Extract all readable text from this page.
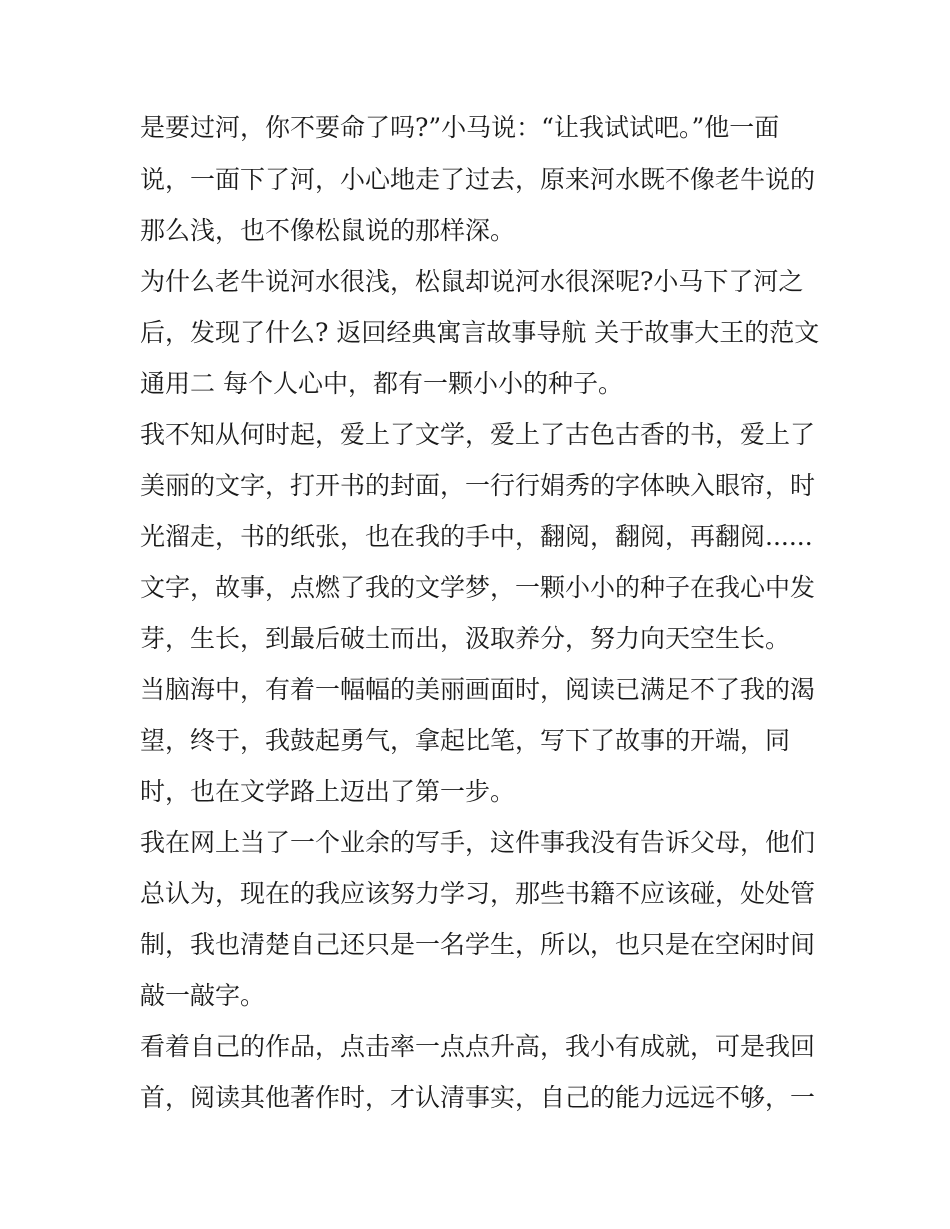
是要过河，你不要命了吗?”小马说：“让我试试吧。”他一面
说，一面下了河，小心地走了过去，原来河水既不像老牛说的
那么浅，也不像松鼠说的那样深。
为什么老牛说河水很浅，松鼠却说河水很深呢?小马下了河之
后，发现了什么? 返回经典寓言故事导航 关于故事大王的范文
通用二 每个人心中，都有一颗小小的种子。
我不知从何时起，爱上了文学，爱上了古色古香的书，爱上了
美丽的文字，打开书的封面，一行行娟秀的字体映入眼帘，时
光溜走，书的纸张，也在我的手中，翻阅，翻阅，再翻阅......
文字，故事，点燃了我的文学梦，一颗小小的种子在我心中发
芽，生长，到最后破土而出，汲取养分，努力向天空生长。
当脑海中，有着一幅幅的美丽画面时，阅读已满足不了我的渴
望，终于，我鼓起勇气，拿起比笔，写下了故事的开端，同
时，也在文学路上迈出了第一步。
我在网上当了一个业余的写手，这件事我没有告诉父母，他们
总认为，现在的我应该努力学习，那些书籍不应该碰，处处管
制，我也清楚自己还只是一名学生，所以，也只是在空闲时间
敲一敲字。
看着自己的作品，点击率一点点升高，我小有成就，可是我回
首，阅读其他著作时，才认清事实，自己的能力远远不够，一
